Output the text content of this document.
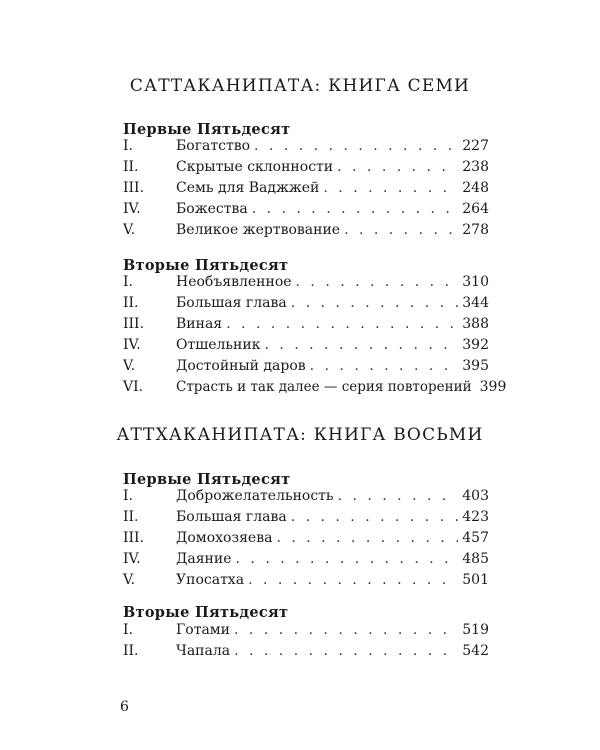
САТТАКАНИПАТА: КНИГА СЕМИ
Первые Пятьдесят
I.	Богатство . . .	227
II.	Скрытые склонности . . .	238
III.	Семь для Ваджжей . . .	248
IV.	Божества . . .	264
V.	Великое жертвование . . .	278
Вторые Пятьдесят
I.	Необъявленное . . .	310
II.	Большая глава . . .	344
III.	Виная . . .	388
IV.	Отшельник . . .	392
V.	Достойный даров . . .	395
VI.	Страсть и так далее — серия повторений 399
АТТХАКАНИПАТА: КНИГА ВОСЬМИ
Первые Пятьдесят
I.	Доброжелательность . . .	403
II.	Большая глава . . .	423
III.	Домохозяева . . .	457
IV.	Даяние . . .	485
V.	Упосатха . . .	501
Вторые Пятьдесят
I.	Готами . . .	519
II.	Чапала . . .	542
6
